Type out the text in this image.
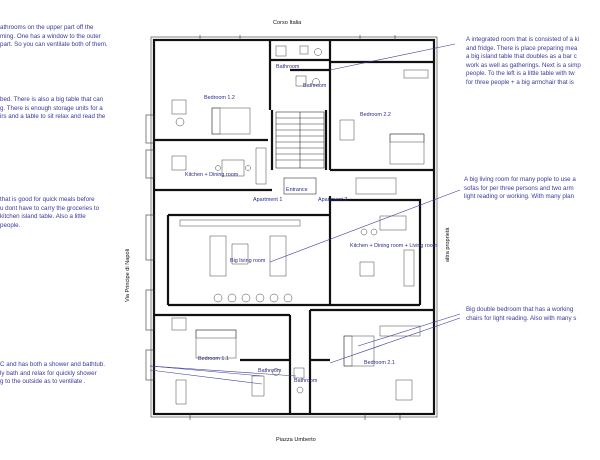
athrooms on the upper part off the
ming. One has a window to the outer
part. So you can ventilate both of them.
bed. There is also a big table that can
g. There is enough storage units for a
irs and a table to sit relax and read the
that is good for quick meals before
u dont have to carry the groceries to
kitchen island table. Also a little
people.
C and has both a shower and bathtub.
ly bath and relax for quickly shower
g to the outside as to ventilate .
A integrated room that is consisted of a ki
and fridge. There is place preparing mea
a big island table that doubles as a bar c
work as well as gatherings. Next is a simp
people. To the left is a little table with tw
for three people + a big armchair that is
A big living room for many pople to use a
sofas for per three persons and two arm
light reading or working. With many plan
Big double bedroom that has a working
chairs for light reading. Also with many s
Corso Italia
Piazza Umberto
Via Principe di Napoli
altra proprietà
Bathroom
Bathroom
Bedroom 1.2
Bedroom 2.2
Kitchen + Dining room
Entrance
Apartment 1	Apartment 2
Big living room
Kitchen + Dining room + Living room
Bedroom 1.1
Bedroom 2.1
Bathroom
Bathroom
